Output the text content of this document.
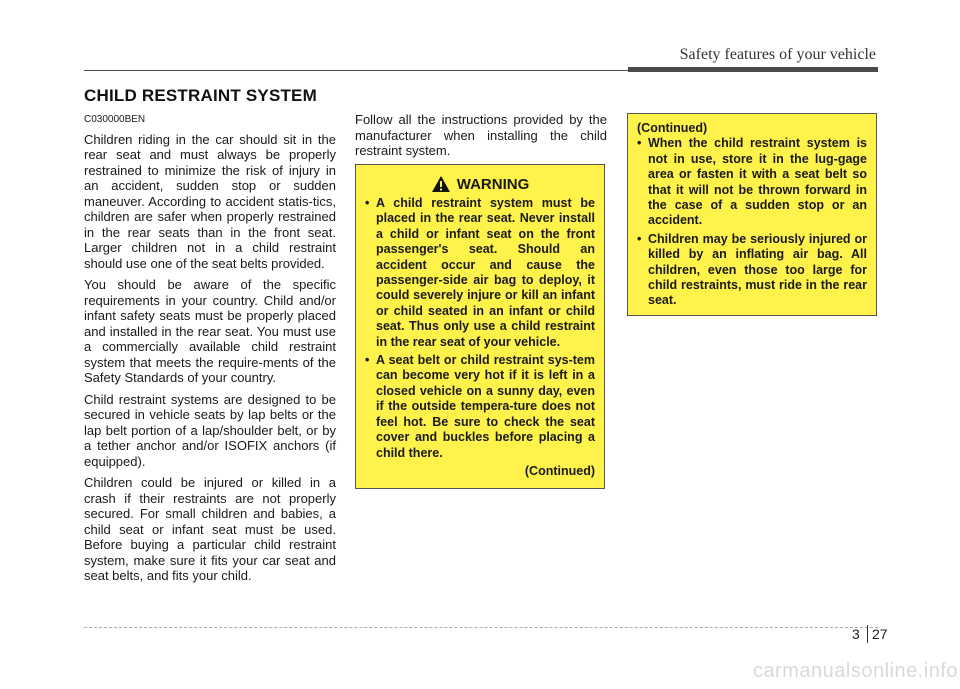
Safety features of your vehicle
CHILD RESTRAINT SYSTEM

C030000BEN

Children riding in the car should sit in the rear seat and must always be properly restrained to minimize the risk of injury in an accident, sudden stop or sudden maneuver. According to accident statis-tics, children are safer when properly restrained in the rear seats than in the front seat. Larger children not in a child restraint should use one of the seat belts provided.

You should be aware of the specific requirements in your country. Child and/or infant safety seats must be properly placed and installed in the rear seat. You must use a commercially available child restraint system that meets the require-ments of the Safety Standards of your country.

Child restraint systems are designed to be secured in vehicle seats by lap belts or the lap belt portion of a lap/shoulder belt, or by a tether anchor and/or ISOFIX anchors (if equipped).

Children could be injured or killed in a crash if their restraints are not properly secured. For small children and babies, a child seat or infant seat must be used. Before buying a particular child restraint system, make sure it fits your car seat and seat belts, and fits your child.

Follow all the instructions provided by the manufacturer when installing the child restraint system.

WARNING
• A child restraint system must be placed in the rear seat. Never install a child or infant seat on the front passenger's seat. Should an accident occur and cause the passenger-side air bag to deploy, it could severely injure or kill an infant or child seated in an infant or child seat. Thus only use a child restraint in the rear seat of your vehicle.
• A seat belt or child restraint sys-tem can become very hot if it is left in a closed vehicle on a sunny day, even if the outside tempera-ture does not feel hot. Be sure to check the seat cover and buckles before placing a child there.
(Continued)
(Continued)
• When the child restraint system is not in use, store it in the lug-gage area or fasten it with a seat belt so that it will not be thrown forward in the case of a sudden stop or an accident.
• Children may be seriously injured or killed by an inflating air bag. All children, even those too large for child restraints, must ride in the rear seat.
3 27
carmanualsonline.info
